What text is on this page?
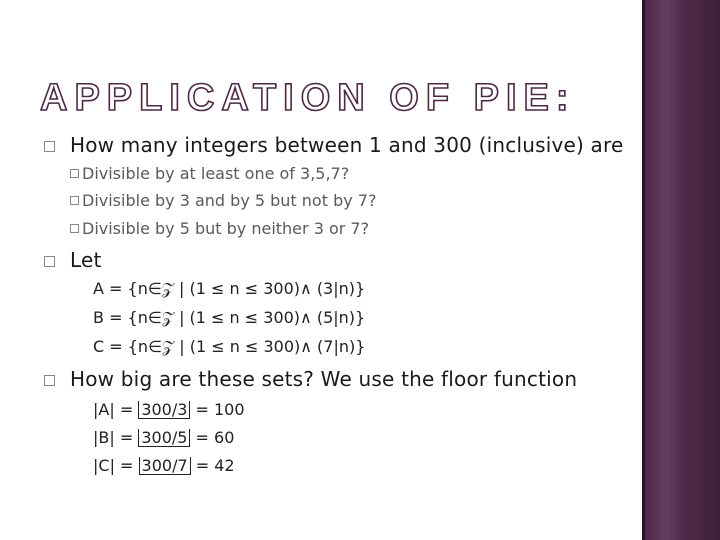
APPLICATION OF PIE:
How many integers between 1 and 300 (inclusive) are
Divisible by at least one of 3,5,7?
Divisible by 3 and by 5 but not by 7?
Divisible by 5 but by neither 3 or 7?
Let
A = {n∈𝒵 | (1 ≤ n ≤ 300)∧ (3|n)}
B = {n∈𝒵 | (1 ≤ n ≤ 300)∧ (5|n)}
C = {n∈𝒵 | (1 ≤ n ≤ 300)∧ (7|n)}
How big are these sets? We use the floor function
|A| = 300/3 = 100
|B| = 300/5 = 60
|C| = 300/7 = 42
